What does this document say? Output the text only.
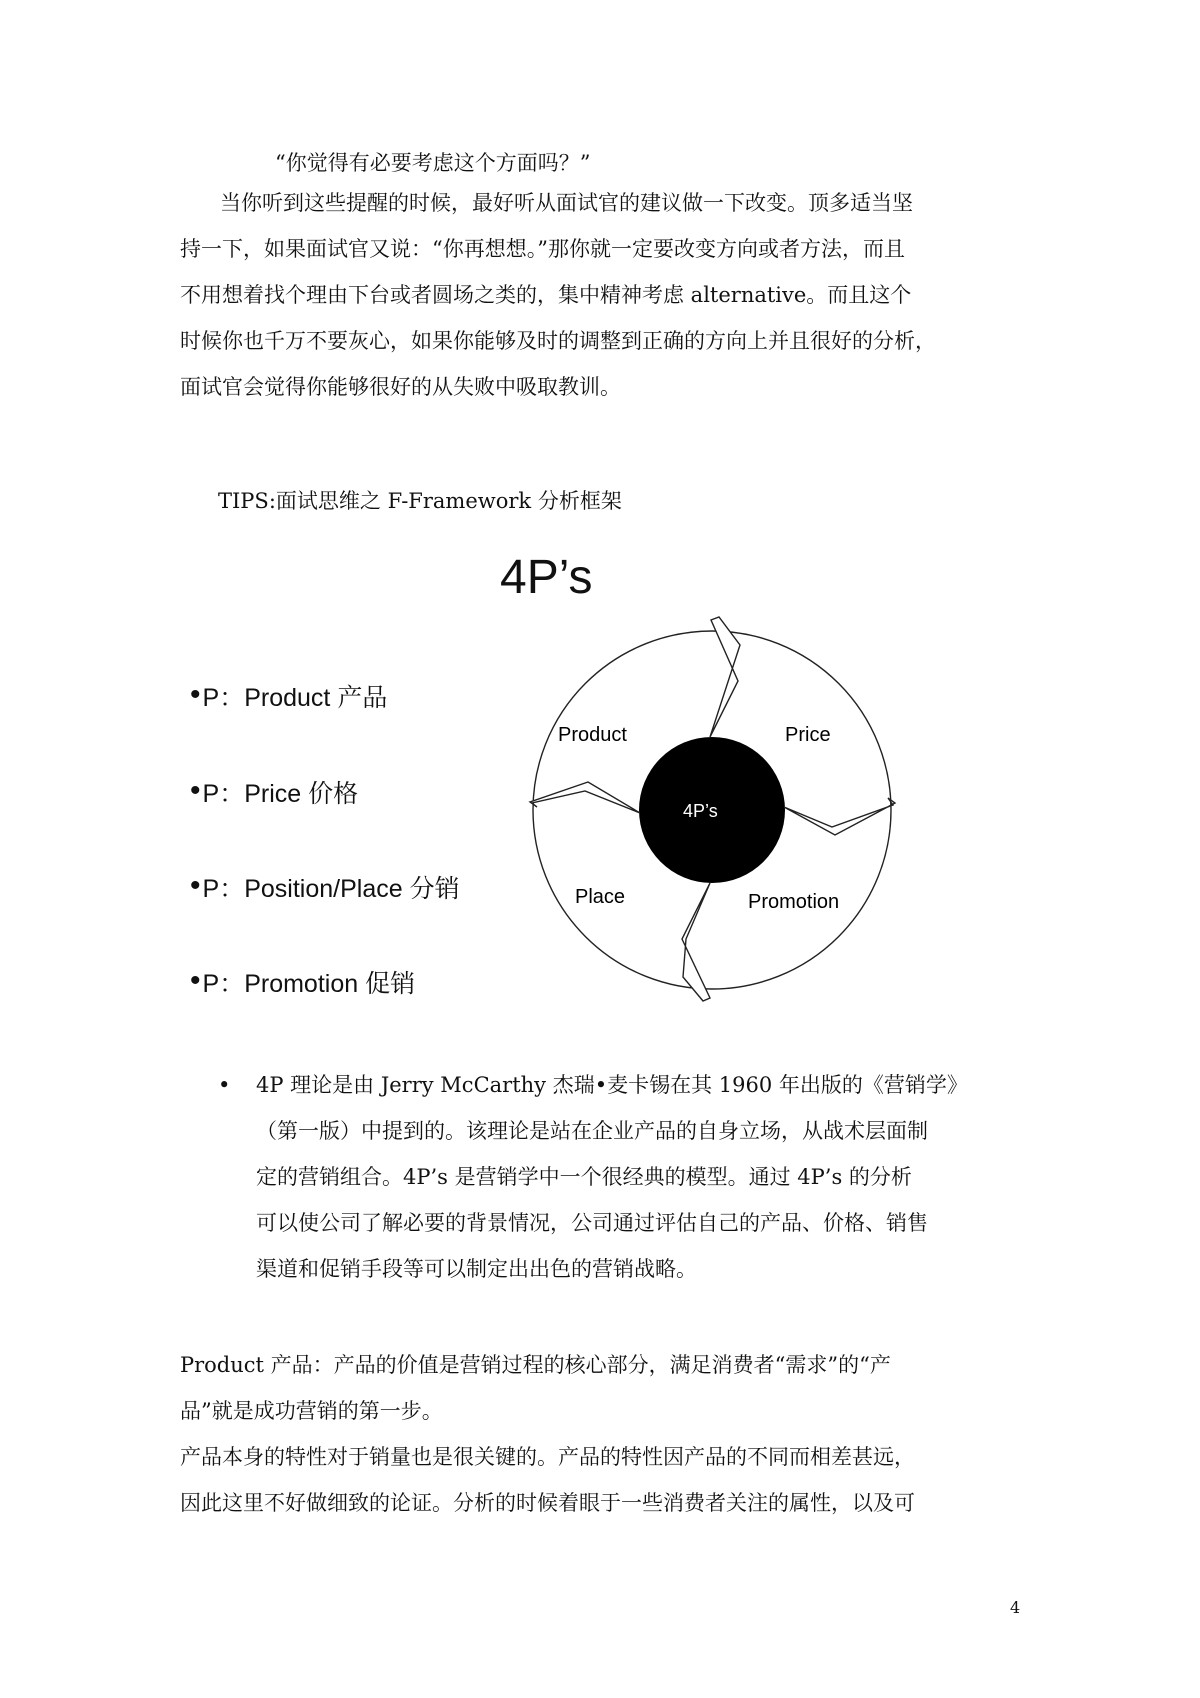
“你觉得有必要考虑这个方面吗？”
当你听到这些提醒的时候，最好听从面试官的建议做一下改变。顶多适当坚
持一下，如果面试官又说：“你再想想。”那你就一定要改变方向或者方法，而且
不用想着找个理由下台或者圆场之类的，集中精神考虑 alternative。而且这个
时候你也千万不要灰心，如果你能够及时的调整到正确的方向上并且很好的分析，
面试官会觉得你能够很好的从失败中吸取教训。
TIPS:面试思维之 F-Framework 分析框架
4P’s
•P：Product 产品
•P：Price 价格
•P：Position/Place 分销
•P：Promotion 促销
Product	Price
Place	Promotion
4P’s
•	4P 理论是由 Jerry McCarthy 杰瑞•麦卡锡在其 1960 年出版的《营销学》
（第一版）中提到的。该理论是站在企业产品的自身立场，从战术层面制
定的营销组合。4P’s 是营销学中一个很经典的模型。通过 4P’s 的分析
可以使公司了解必要的背景情况，公司通过评估自己的产品、价格、销售
渠道和促销手段等可以制定出出色的营销战略。
Product 产品：产品的价值是营销过程的核心部分，满足消费者“需求”的“产
品”就是成功营销的第一步。
产品本身的特性对于销量也是很关键的。产品的特性因产品的不同而相差甚远，
因此这里不好做细致的论证。分析的时候着眼于一些消费者关注的属性，以及可
4
